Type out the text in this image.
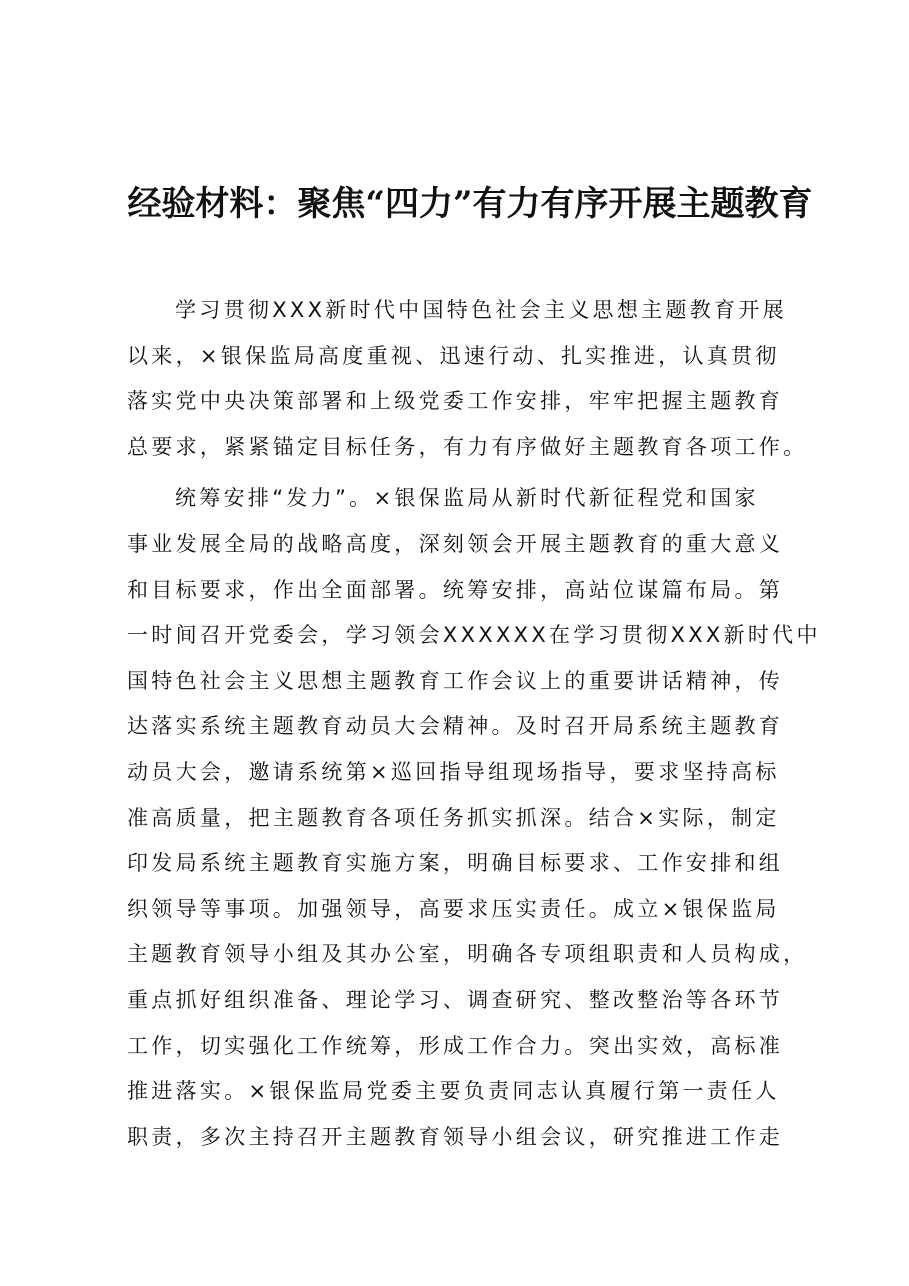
经验材料：聚焦“四力”有力有序开展主题教育
学习贯彻XXX新时代中国特色社会主义思想主题教育开展
以来，×银保监局高度重视、迅速行动、扎实推进，认真贯彻
落实党中央决策部署和上级党委工作安排，牢牢把握主题教育
总要求，紧紧锚定目标任务，有力有序做好主题教育各项工作。
统筹安排“发力”。×银保监局从新时代新征程党和国家
事业发展全局的战略高度，深刻领会开展主题教育的重大意义
和目标要求，作出全面部署。统筹安排，高站位谋篇布局。第
一时间召开党委会，学习领会XXXXXX在学习贯彻XXX新时代中
国特色社会主义思想主题教育工作会议上的重要讲话精神，传
达落实系统主题教育动员大会精神。及时召开局系统主题教育
动员大会，邀请系统第×巡回指导组现场指导，要求坚持高标
准高质量，把主题教育各项任务抓实抓深。结合×实际，制定
印发局系统主题教育实施方案，明确目标要求、工作安排和组
织领导等事项。加强领导，高要求压实责任。成立×银保监局
主题教育领导小组及其办公室，明确各专项组职责和人员构成，
重点抓好组织准备、理论学习、调查研究、整改整治等各环节
工作，切实强化工作统筹，形成工作合力。突出实效，高标准
推进落实。×银保监局党委主要负责同志认真履行第一责任人
职责，多次主持召开主题教育领导小组会议，研究推进工作走
